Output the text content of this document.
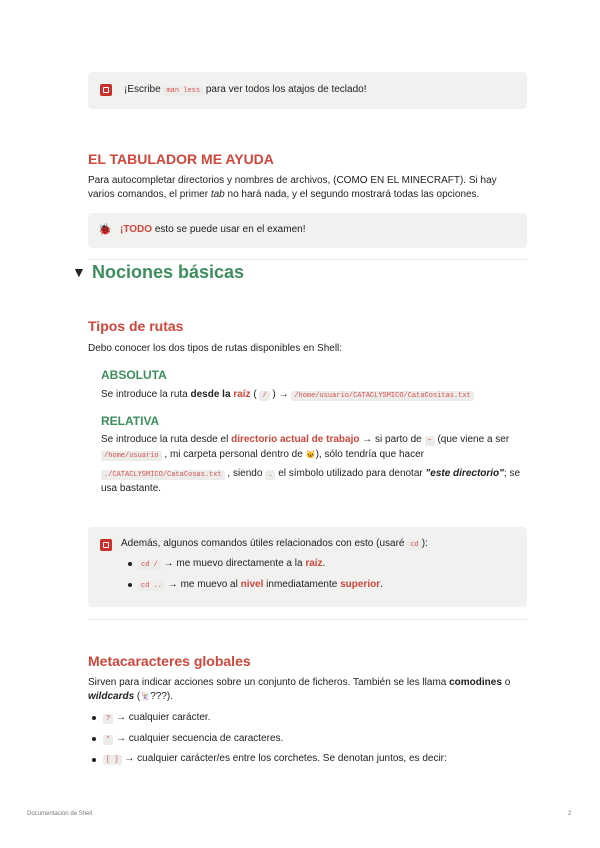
¡Escribe man less para ver todos los atajos de teclado!
EL TABULADOR ME AYUDA
Para autocompletar directorios y nombres de archivos, (COMO EN EL MINECRAFT). Si hay
varios comandos, el primer tab no hará nada, y el segundo mostrará todas las opciones.
🐞 ¡TODO esto se puede usar en el examen!
▼ Nociones básicas
Tipos de rutas
Debo conocer los dos tipos de rutas disponibles en Shell:
ABSOLUTA
Se introduce la ruta desde la raíz ( / ) → /home/usuario/CATACLYSMICO/CataCositas.txt
RELATIVA
Se introduce la ruta desde el directorio actual de trabajo → si parto de ~ (que viene a ser
/home/usuario , mi carpeta personal dentro de 🐱), sólo tendría que hacer
./CATACLYSMICO/CataCosas.txt , siendo . el símbolo utilizado para denotar "este directorio"; se
usa bastante.
Además, algunos comandos útiles relacionados con esto (usaré cd ):
cd / → me muevo directamente a la raíz.
cd .. → me muevo al nivel inmediatamente superior.
Metacaracteres globales
Sirven para indicar acciones sobre un conjunto de ficheros. También se les llama comodines o
wildcards (🃏???).
? → cualquier carácter.
* → cualquier secuencia de caracteres.
[ ] → cualquier carácter/es entre los corchetes. Se denotan juntos, es decir:
Documentación de Shell	2
